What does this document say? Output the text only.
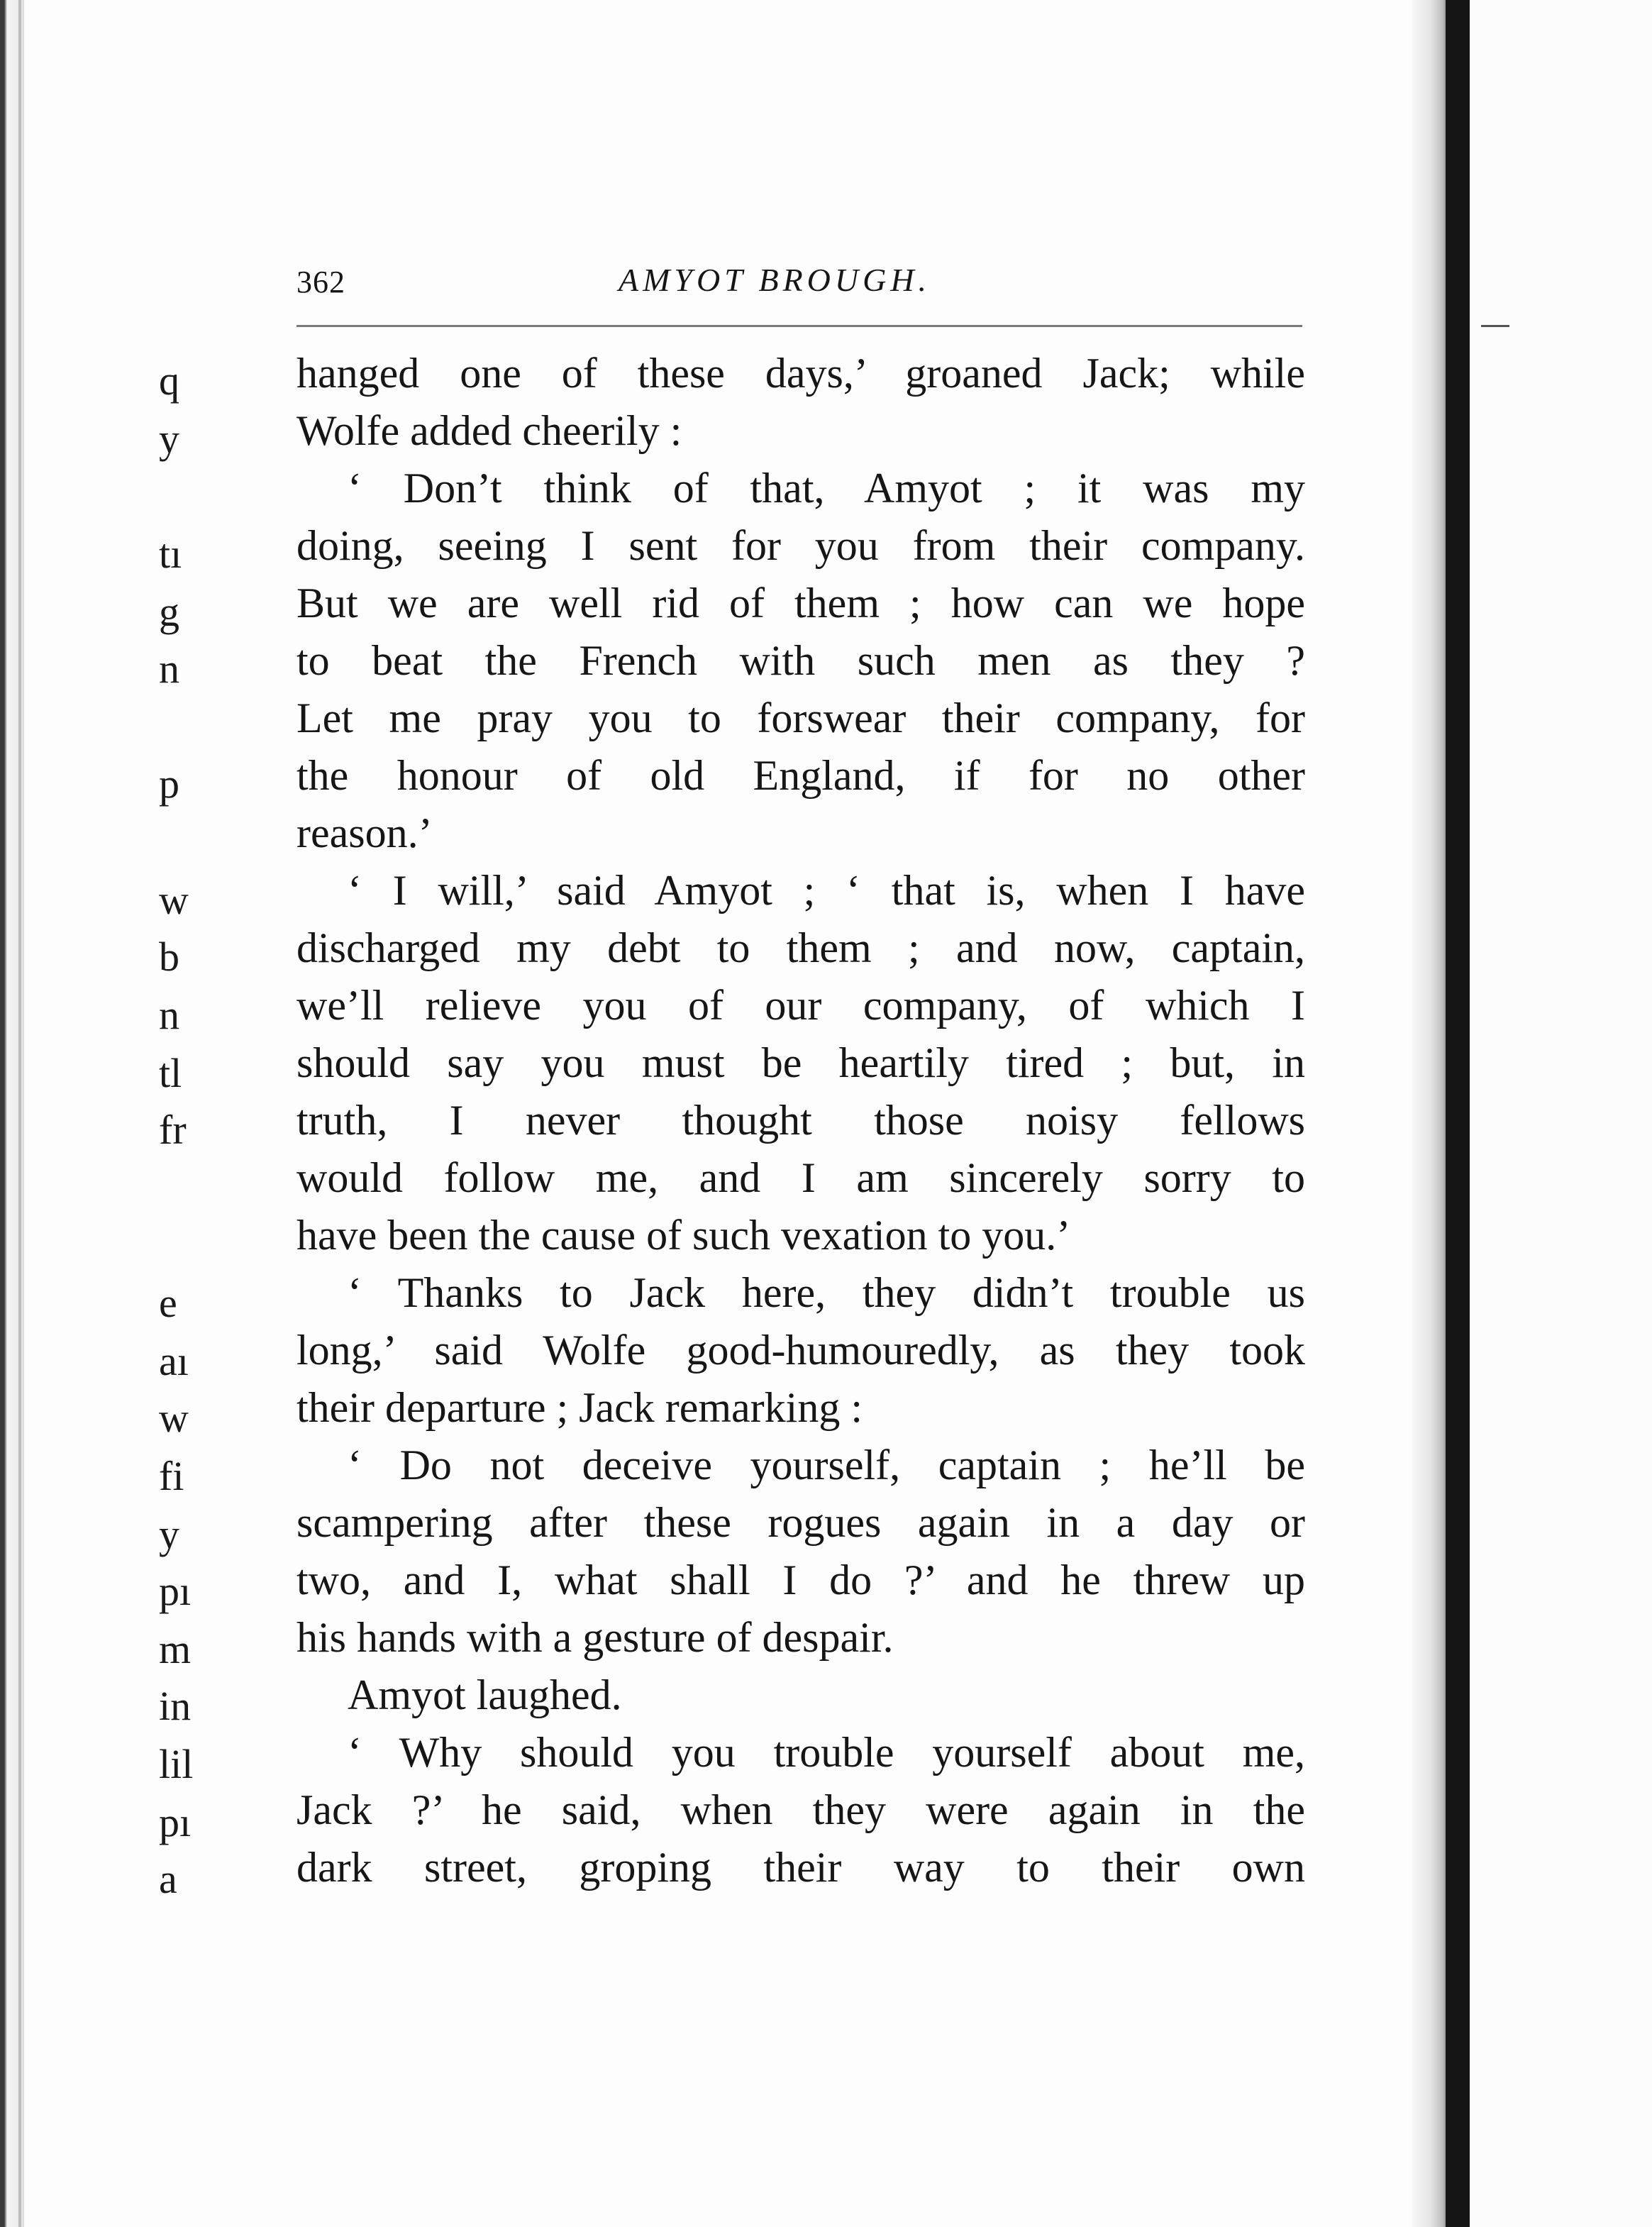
362	AMYOT BROUGH.
hanged one of these days,’ groaned Jack; while
Wolfe added cheerily :
‘ Don’t think of that, Amyot ; it was my
doing, seeing I sent for you from their company.
But we are well rid of them ; how can we hope
to beat the French with such men as they ?
Let me pray you to forswear their company, for
the honour of old England, if for no other
reason.’
‘ I will,’ said Amyot ; ‘ that is, when I have
discharged my debt to them ; and now, captain,
we’ll relieve you of our company, of which I
should say you must be heartily tired ; but, in
truth, I never thought those noisy fellows
would follow me, and I am sincerely sorry to
have been the cause of such vexation to you.’
‘ Thanks to Jack here, they didn’t trouble us
long,’ said Wolfe good-humouredly, as they took
their departure ; Jack remarking :
‘ Do not deceive yourself, captain ; he’ll be
scampering after these rogues again in a day or
two, and I, what shall I do ?’ and he threw up
his hands with a gesture of despair.
Amyot laughed.
‘ Why should you trouble yourself about me,
Jack ?’ he said, when they were again in the
dark street, groping their way to their own
q
y
tı
g
n
p
w
b
n
tl
fr
e
aı
w
fi
y
pı
m
in
lil
pı
a
